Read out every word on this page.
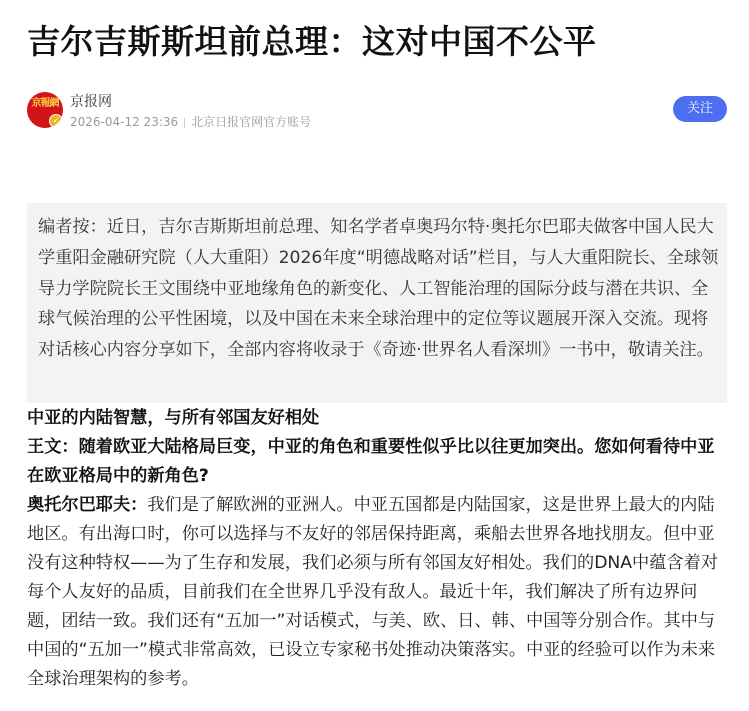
吉尔吉斯斯坦前总理：这对中国不公平
京報網
✓
京报网
2026-04-12 23:36 北京日报官网官方账号
关注

编者按：近日，吉尔吉斯斯坦前总理、知名学者卓奥玛尔特·奥托尔巴耶夫做客中国人民大学重阳金融研究院（人大重阳）2026年度“明德战略对话”栏目，与人大重阳院长、全球领导力学院院长王文围绕中亚地缘角色的新变化、人工智能治理的国际分歧与潜在共识、全球气候治理的公平性困境，以及中国在未来全球治理中的定位等议题展开深入交流。现将对话核心内容分享如下，全部内容将收录于《奇迹·世界名人看深圳》一书中，敬请关注。

中亚的内陆智慧，与所有邻国友好相处

王文：随着欧亚大陆格局巨变，中亚的角色和重要性似乎比以往更加突出。您如何看待中亚在欧亚格局中的新角色?

奥托尔巴耶夫：我们是了解欧洲的亚洲人。中亚五国都是内陆国家，这是世界上最大的内陆地区。有出海口时，你可以选择与不友好的邻居保持距离，乘船去世界各地找朋友。但中亚没有这种特权——为了生存和发展，我们必须与所有邻国友好相处。我们的DNA中蕴含着对每个人友好的品质，目前我们在全世界几乎没有敌人。最近十年，我们解决了所有边界问题，团结一致。我们还有“五加一”对话模式，与美、欧、日、韩、中国等分别合作。其中与中国的“五加一”模式非常高效，已设立专家秘书处推动决策落实。中亚的经验可以作为未来全球治理架构的参考。
